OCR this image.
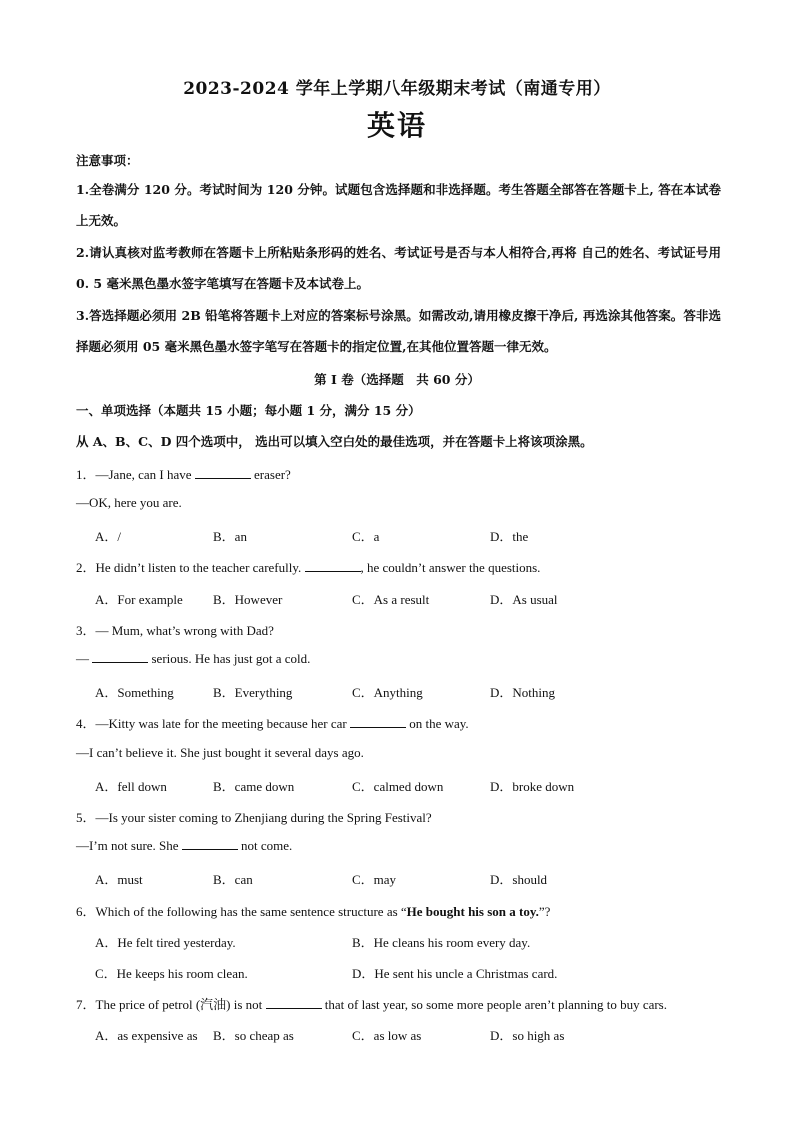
2023-2024 学年上学期八年级期末考试（南通专用）
英语
注意事项：
1.全卷满分 120 分。考试时间为 120 分钟。试题包含选择题和非选择题。考生答题全部答在答题卡上, 答在本试卷上无效。
2.请认真核对监考教师在答题卡上所粘贴条形码的姓名、考试证号是否与本人相符合,再将 自己的姓名、考试证号用 0. 5 毫米黑色墨水签字笔填写在答题卡及本试卷上。
3.答选择题必须用 2B 铅笔将答题卡上对应的答案标号涂黑。如需改动,请用橡皮擦干净后, 再选涂其他答案。答非选择题必须用 05 毫米黑色墨水签字笔写在答题卡的指定位置,在其他位置答题一律无效。
第 I 卷（选择题　共 60 分）
一、单项选择（本题共 15 小题；每小题 1 分，满分 15 分）
从 A、B、C、D 四个选项中， 选出可以填入空白处的最佳选项，并在答题卡上将该项涂黑。
1．—Jane, can I have	eraser?
—OK, here you are.
A．/	B．an	C．a	D．the
2．He didn’t listen to the teacher carefully.	, he couldn’t answer the questions.
A．For example B．However	C．As a result	D．As usual
3．— Mum, what’s wrong with Dad?
—	serious. He has just got a cold.
A．Something	B．Everything	C．Anything	D．Nothing
4．—Kitty was late for the meeting because her car	on the way.
—I can’t believe it. She just bought it several days ago.
A．fell down	B．came down	C．calmed down	D．broke down
5．—Is your sister coming to Zhenjiang during the Spring Festival?
—I’m not sure. She	not come.
A．must	B．can	C．may	D．should
6．Which of the following has the same sentence structure as “He bought his son a toy.”?
A．He felt tired yesterday.	B．He cleans his room every day.
C．He keeps his room clean.	D．He sent his uncle a Christmas card.
7．The price of petrol (汽油) is not	that of last year, so some more people aren’t planning to buy cars.
A．as expensive as B．so cheap as	C．as low as	D．so high as
